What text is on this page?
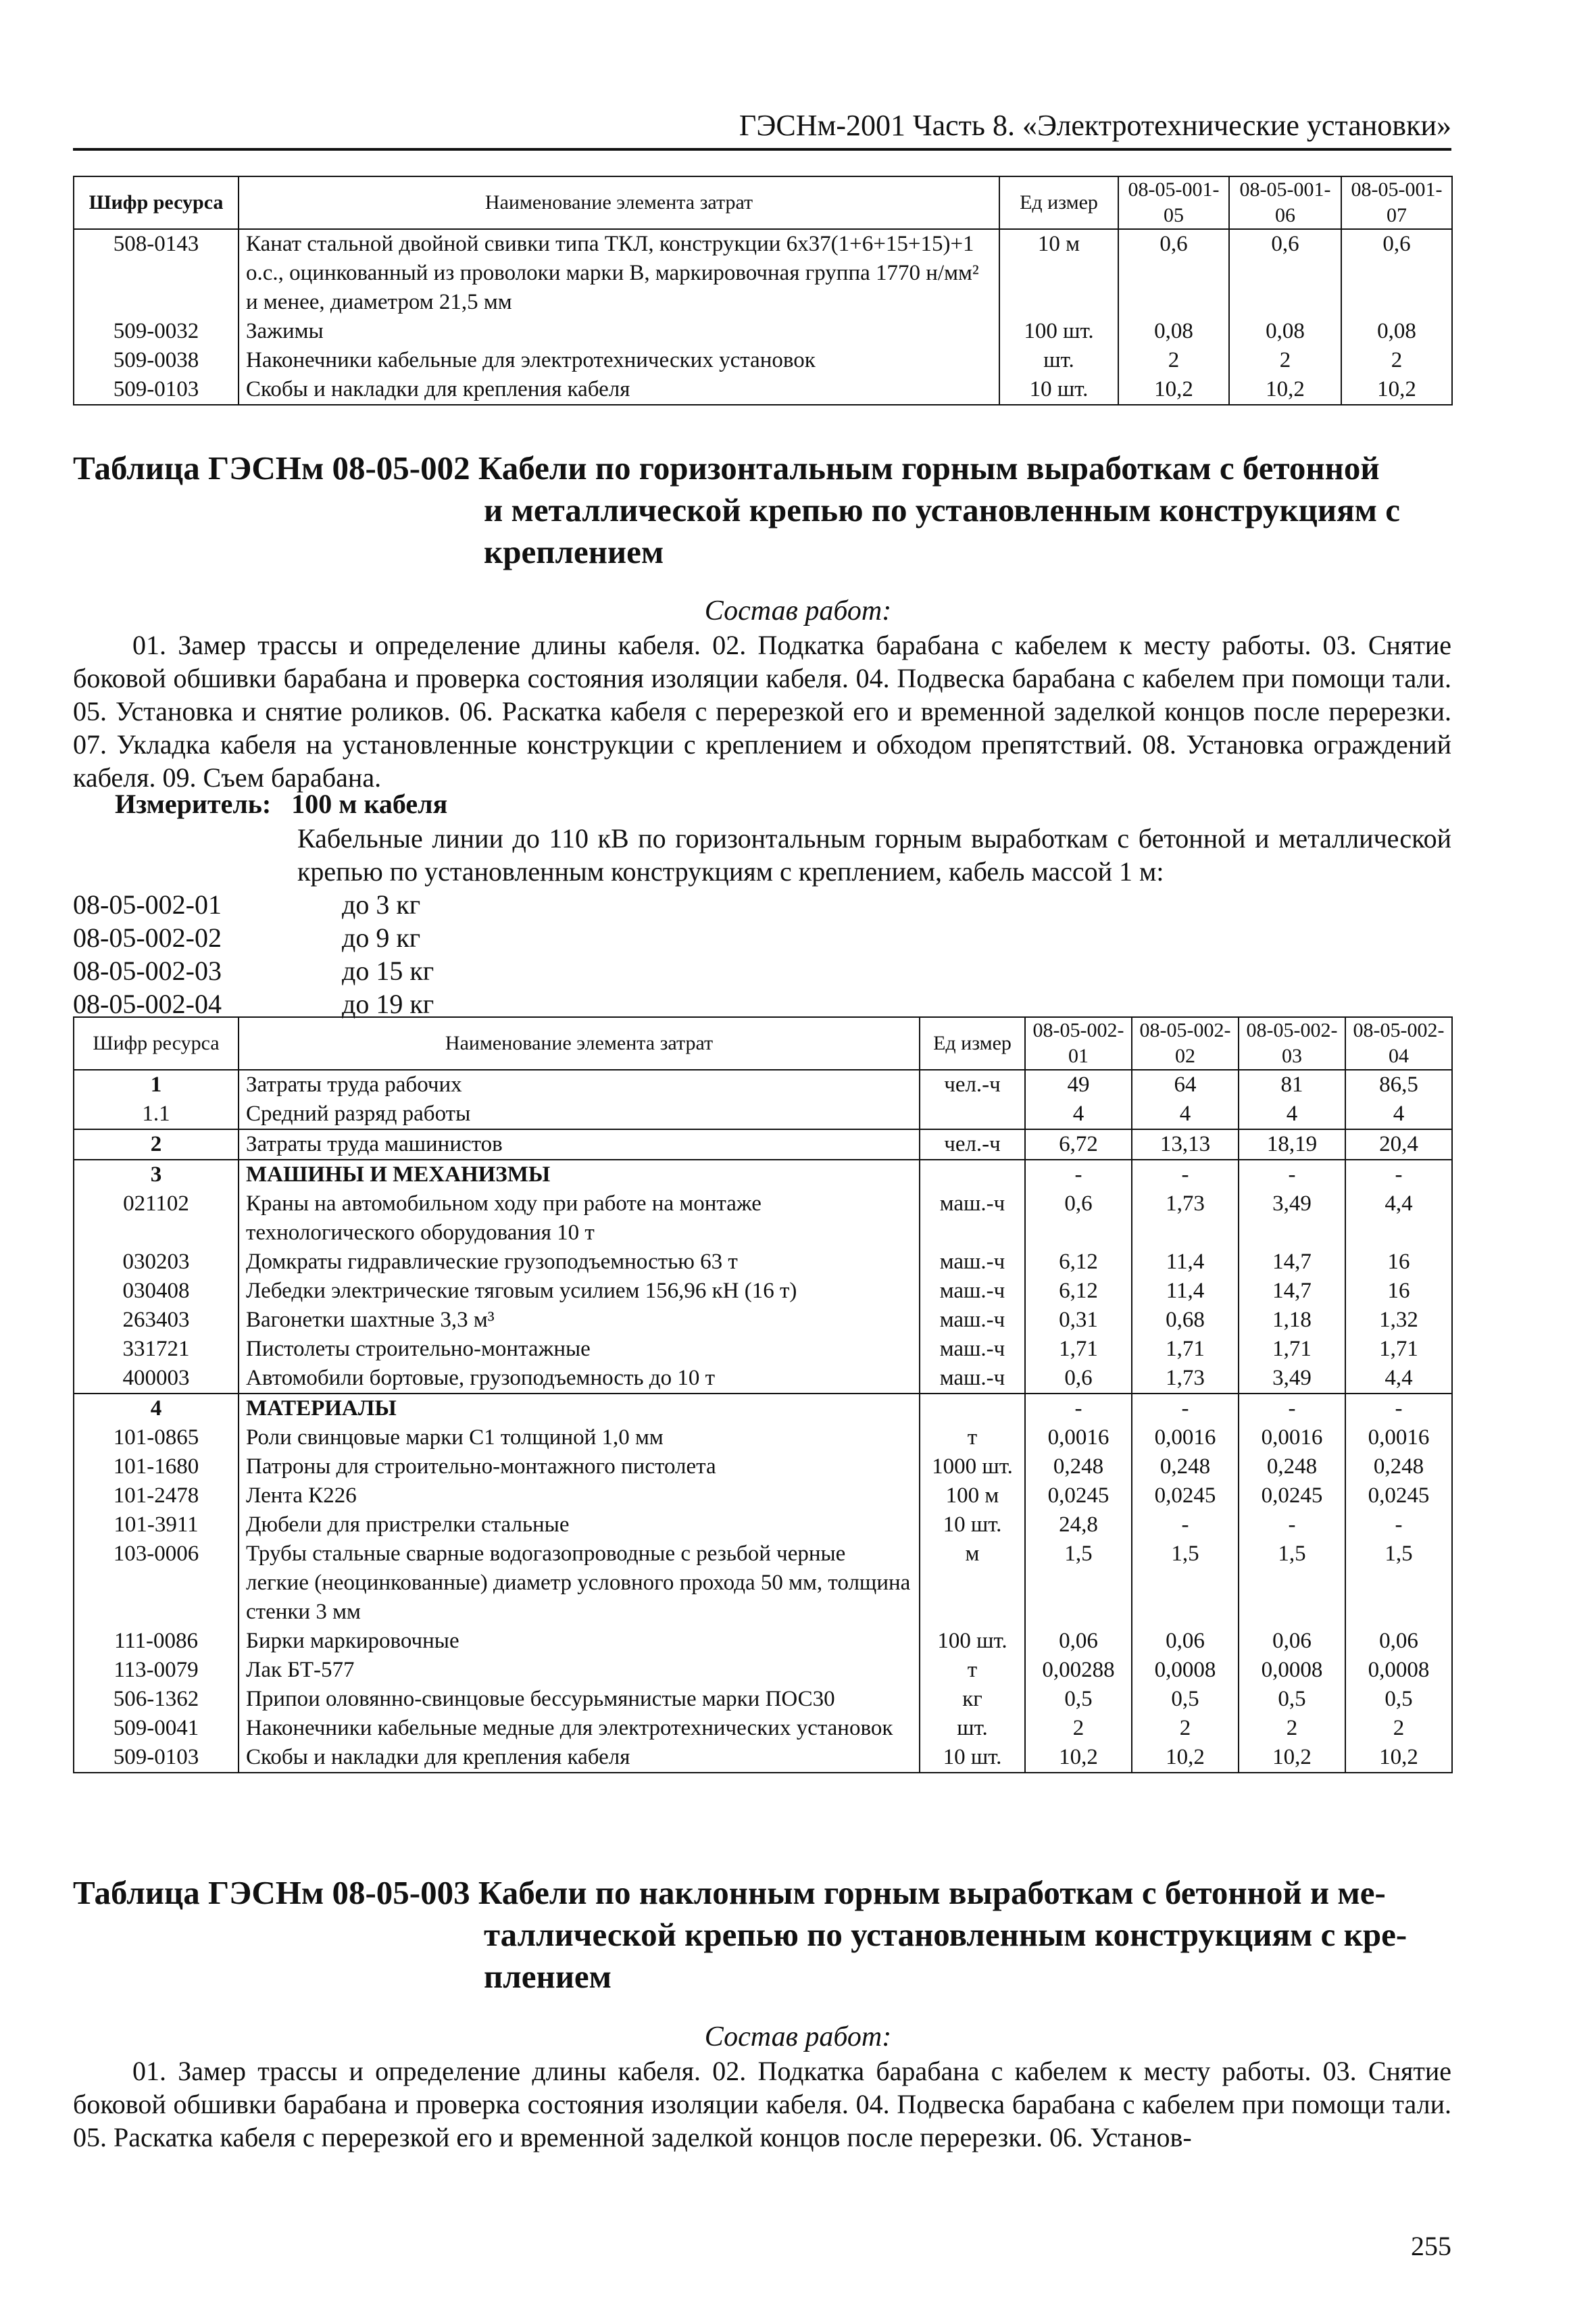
ГЭСНм-2001 Часть 8. «Электротехнические установки»
Шифр ресурса	Наименование элемента затрат	Ед измер	08-05-001-05	08-05-001-06	08-05-001-07
508-0143	Канат стальной двойной свивки типа ТКЛ, конструкции 6х37(1+6+15+15)+1 о.с., оцинкованный из проволоки марки В, маркировочная группа 1770 н/мм² и менее, диаметром 21,5 мм	10 м	0,6	0,6	0,6
509-0032	Зажимы	100 шт.	0,08	0,08	0,08
509-0038	Наконечники кабельные для электротехнических установок	шт.	2	2	2
509-0103	Скобы и накладки для крепления кабеля	10 шт.	10,2	10,2	10,2
Таблица ГЭСНм 08-05-002 Кабели по горизонтальным горным выработкам с бетонной
и металлической крепью по установленным конструкциям с
креплением
Состав работ:
01. Замер трассы и определение длины кабеля. 02. Подкатка барабана с кабелем к месту работы. 03. Снятие боковой обшивки барабана и проверка состояния изоляции кабеля. 04. Подвеска барабана с кабелем при помощи тали. 05. Установка и снятие роликов. 06. Раскатка кабеля с перерезкой его и временной заделкой концов после перерезки. 07. Укладка кабеля на установленные конструкции с креплением и обходом препятствий. 08. Установка ограждений кабеля. 09. Съем барабана.
Измеритель:   100 м кабеля
Кабельные линии до 110 кВ по горизонтальным горным выработкам с бетонной и металлической крепью по установленным конструкциям с креплением, кабель массой 1 м:
08-05-002-01	до 3 кг
08-05-002-02	до 9 кг
08-05-002-03	до 15 кг
08-05-002-04	до 19 кг
Шифр ресурса	Наименование элемента затрат	Ед измер	08-05-002-01	08-05-002-02	08-05-002-03	08-05-002-04
1	Затраты труда рабочих	чел.-ч	49	64	81	86,5
1.1	Средний разряд работы		4	4	4	4
2	Затраты труда машинистов	чел.-ч	6,72	13,13	18,19	20,4
3	МАШИНЫ И МЕХАНИЗМЫ		-	-	-	-
021102	Краны на автомобильном ходу при работе на монтаже технологического оборудования 10 т	маш.-ч	0,6	1,73	3,49	4,4
030203	Домкраты гидравлические грузоподъемностью 63 т	маш.-ч	6,12	11,4	14,7	16
030408	Лебедки электрические тяговым усилием 156,96 кН (16 т)	маш.-ч	6,12	11,4	14,7	16
263403	Вагонетки шахтные 3,3 м³	маш.-ч	0,31	0,68	1,18	1,32
331721	Пистолеты строительно-монтажные	маш.-ч	1,71	1,71	1,71	1,71
400003	Автомобили бортовые, грузоподъемность до 10 т	маш.-ч	0,6	1,73	3,49	4,4
4	МАТЕРИАЛЫ		-	-	-	-
101-0865	Роли свинцовые марки С1 толщиной 1,0 мм	т	0,0016	0,0016	0,0016	0,0016
101-1680	Патроны для строительно-монтажного пистолета	1000 шт.	0,248	0,248	0,248	0,248
101-2478	Лента К226	100 м	0,0245	0,0245	0,0245	0,0245
101-3911	Дюбели для пристрелки стальные	10 шт.	24,8	-	-	-
103-0006	Трубы стальные сварные водогазопроводные с резьбой черные легкие (неоцинкованные) диаметр условного прохода 50 мм, толщина стенки 3 мм	м	1,5	1,5	1,5	1,5
111-0086	Бирки маркировочные	100 шт.	0,06	0,06	0,06	0,06
113-0079	Лак БТ-577	т	0,00288	0,0008	0,0008	0,0008
506-1362	Припои оловянно-свинцовые бессурьмянистые марки ПОС30	кг	0,5	0,5	0,5	0,5
509-0041	Наконечники кабельные медные для электротехнических установок	шт.	2	2	2	2
509-0103	Скобы и накладки для крепления кабеля	10 шт.	10,2	10,2	10,2	10,2
Таблица ГЭСНм 08-05-003 Кабели по наклонным горным выработкам с бетонной и ме-
таллической крепью по установленным конструкциям с кре-
плением
Состав работ:
01. Замер трассы и определение длины кабеля. 02. Подкатка барабана с кабелем к месту работы. 03. Снятие боковой обшивки барабана и проверка состояния изоляции кабеля. 04. Подвеска барабана с кабелем при помощи тали. 05. Раскатка кабеля с перерезкой его и временной заделкой концов после перерезки. 06. Установ-
255
